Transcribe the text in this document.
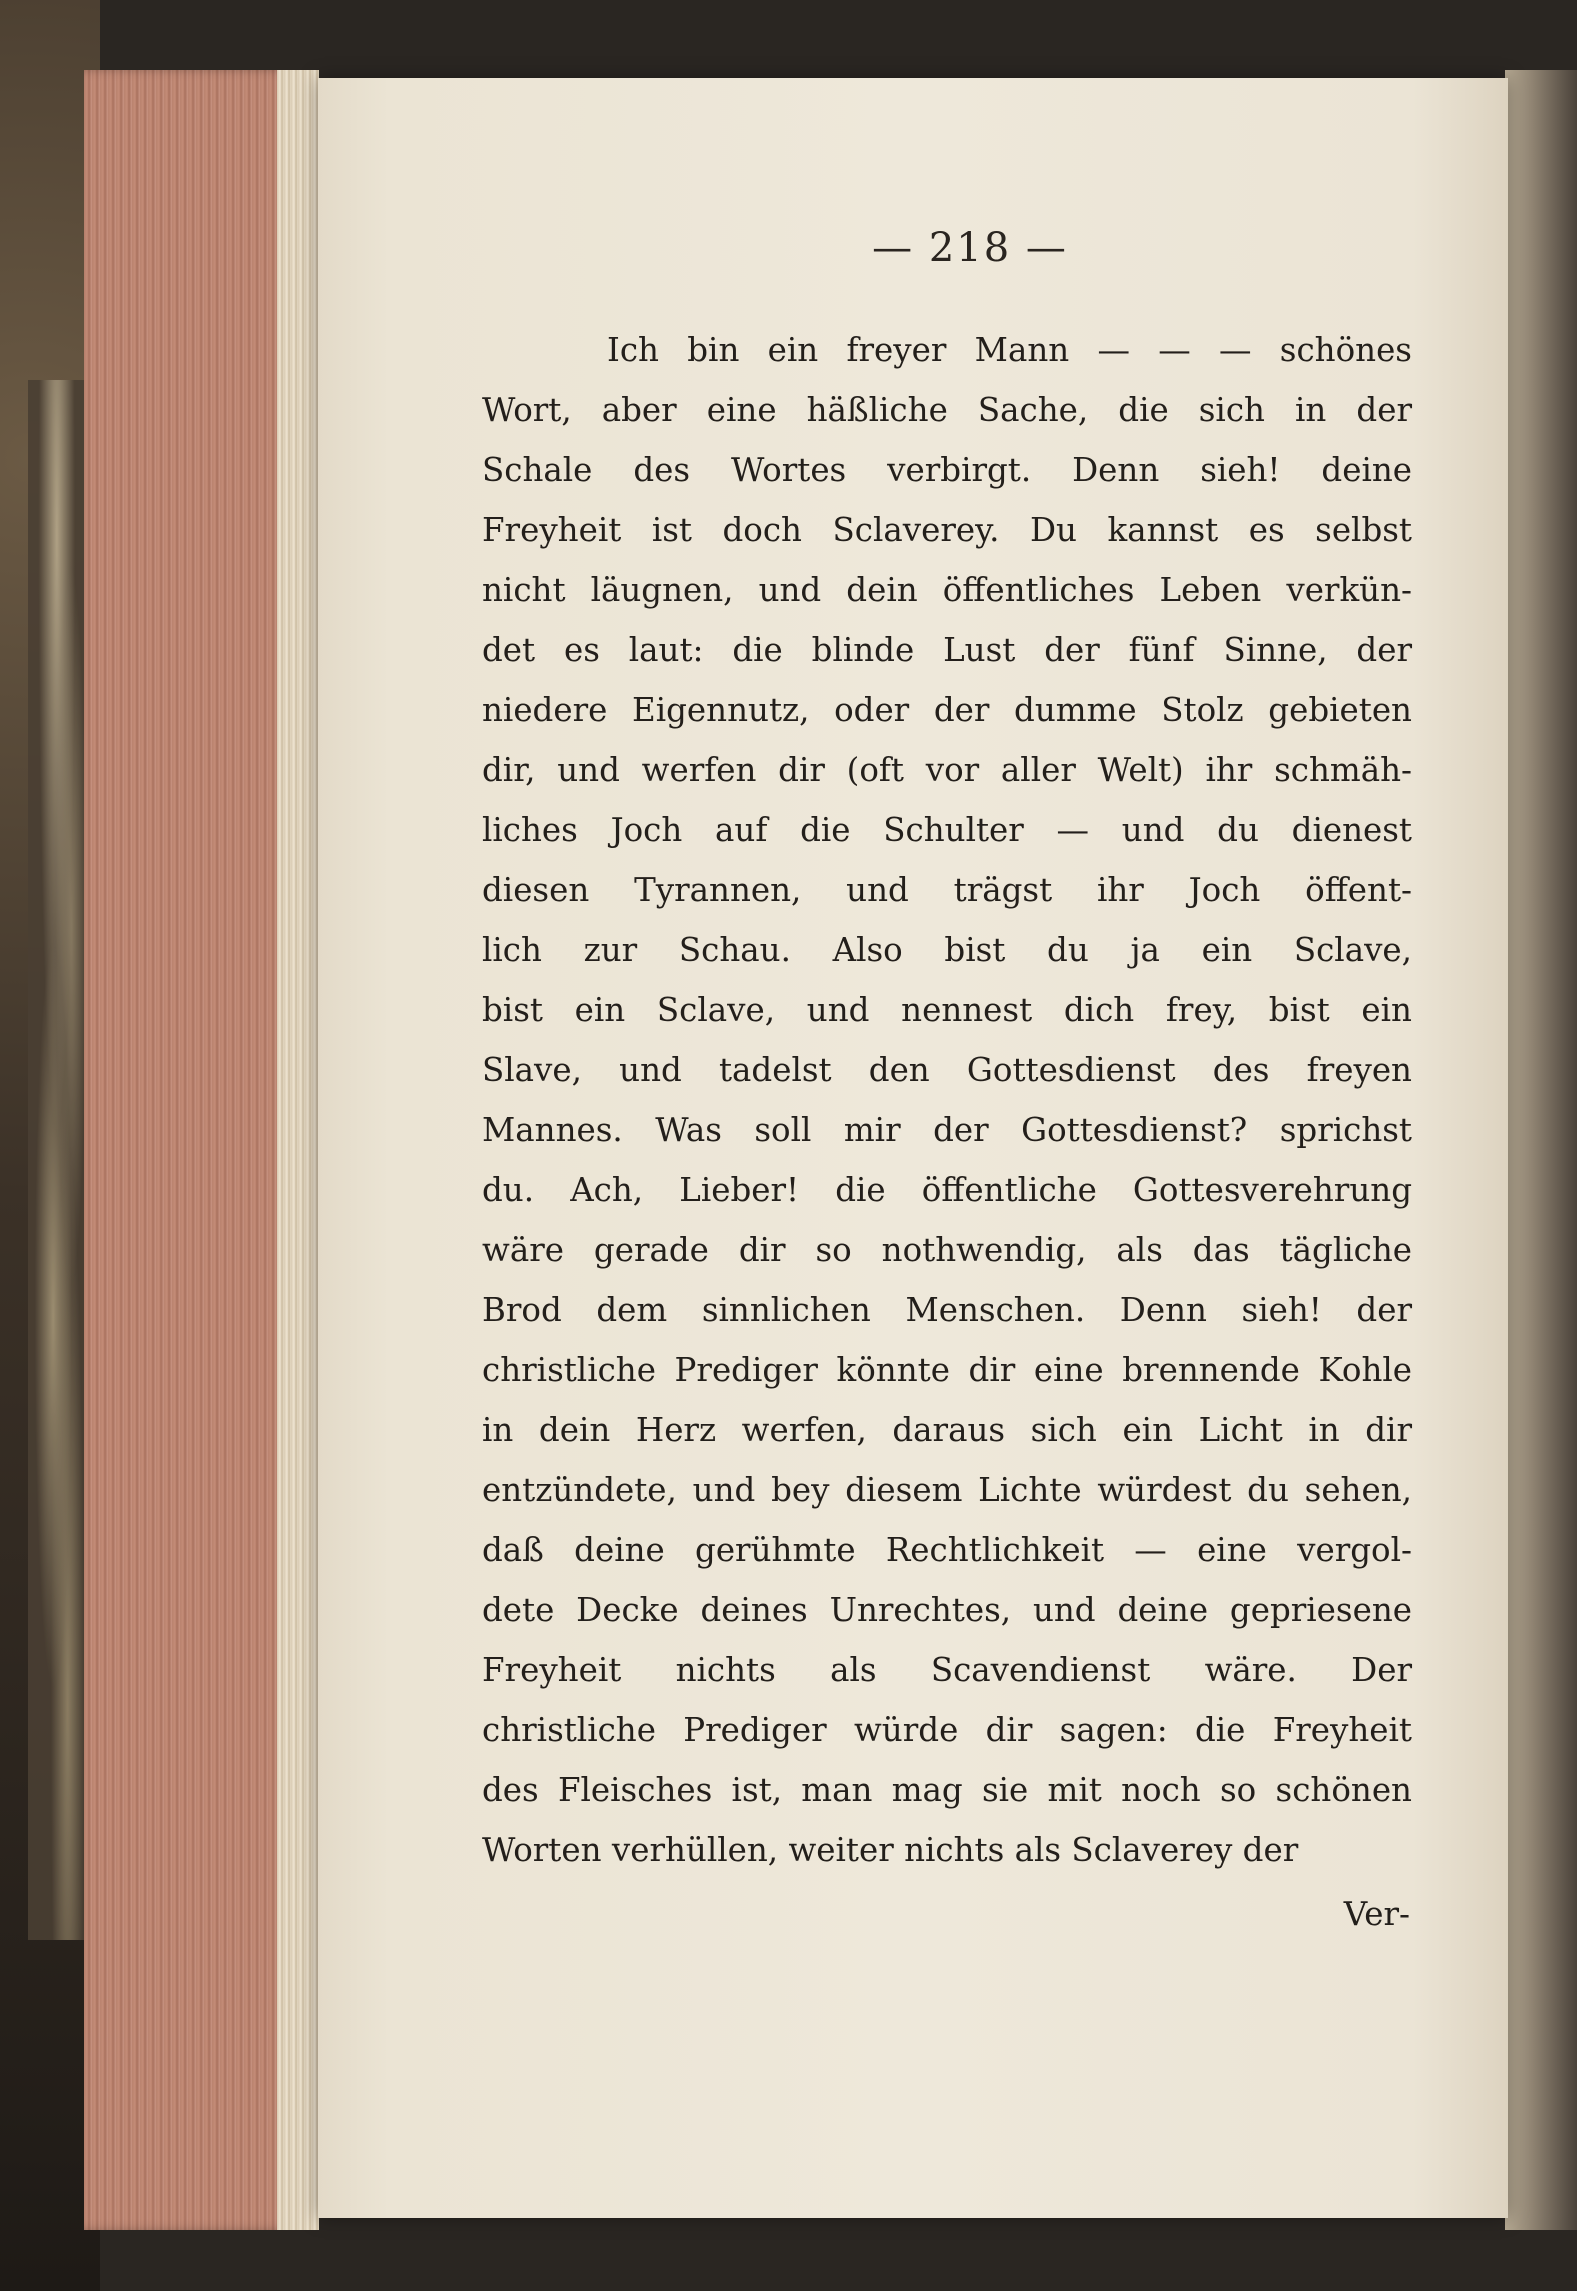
— 218 —
Ich bin ein freyer Mann — — — schönes
Wort, aber eine häßliche Sache, die sich in der
Schale des Wortes verbirgt. Denn sieh! deine
Freyheit ist doch Sclaverey. Du kannst es selbst
nicht läugnen, und dein öffentliches Leben verkün-
det es laut: die blinde Lust der fünf Sinne, der
niedere Eigennutz, oder der dumme Stolz gebieten
dir, und werfen dir (oft vor aller Welt) ihr schmäh-
liches Joch auf die Schulter — und du dienest
diesen Tyrannen, und trägst ihr Joch öffent-
lich zur Schau. Also bist du ja ein Sclave,
bist ein Sclave, und nennest dich frey, bist ein
Slave, und tadelst den Gottesdienst des freyen
Mannes. Was soll mir der Gottesdienst? sprichst
du. Ach, Lieber! die öffentliche Gottesverehrung
wäre gerade dir so nothwendig, als das tägliche
Brod dem sinnlichen Menschen. Denn sieh! der
christliche Prediger könnte dir eine brennende Kohle
in dein Herz werfen, daraus sich ein Licht in dir
entzündete, und bey diesem Lichte würdest du sehen,
daß deine gerühmte Rechtlichkeit — eine vergol-
dete Decke deines Unrechtes, und deine gepriesene
Freyheit nichts als Scavendienst wäre. Der
christliche Prediger würde dir sagen: die Freyheit
des Fleisches ist, man mag sie mit noch so schönen
Worten verhüllen, weiter nichts als Sclaverey der
Ver-
